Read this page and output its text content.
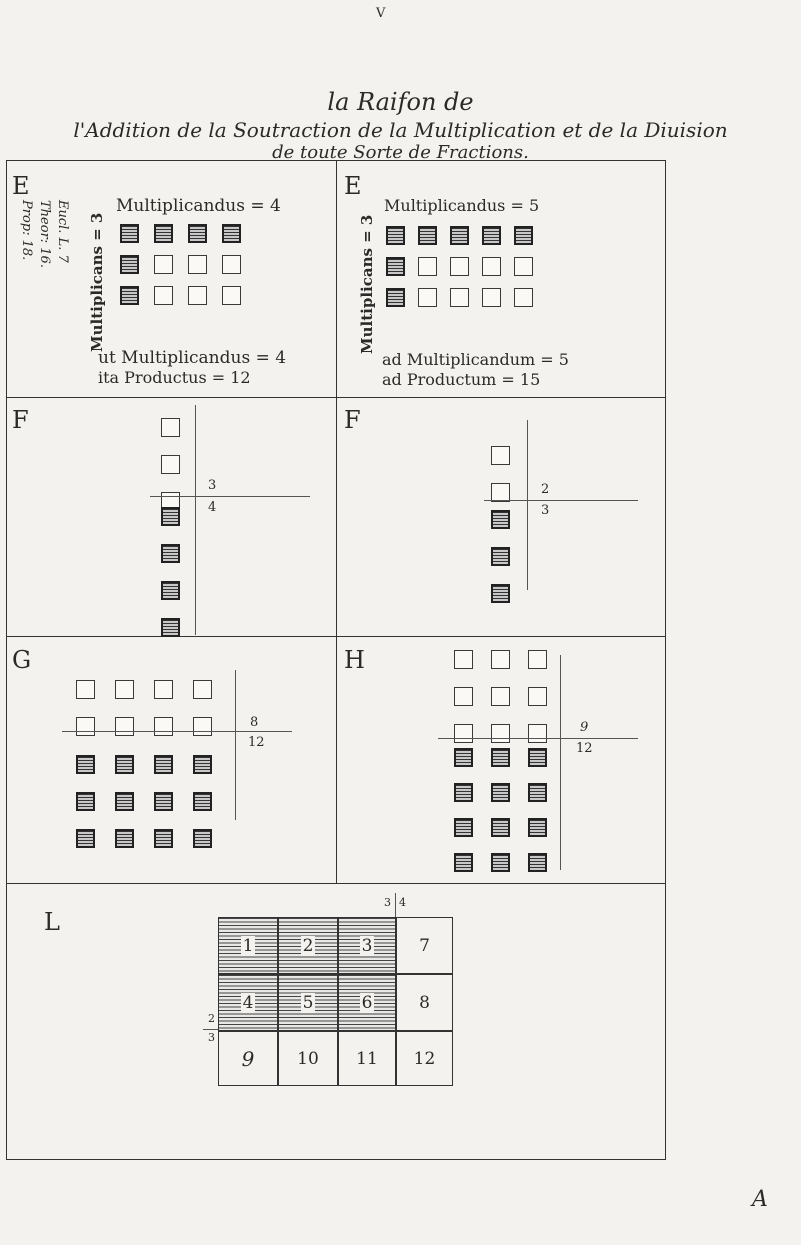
V
la Raifon de
l'Addition de la Soutraction de la Multiplication et de la Diuision
de toute Sorte de Fractions.
E
Prop: 18. Theor: 16. Eucl. L. 7 Multiplicans = 3
Multiplicandus = 4
ut Multiplicandus = 4
ita Productus = 12
E
Multiplicans = 3
Multiplicandus = 5
ad Multiplicandum = 5
ad Productum = 15
F
3
4
F
2
3
G
8
12
H
9
12
L
3 4
2
3
1	2	3	7
4	5	6	8
9	10 11 12
A
